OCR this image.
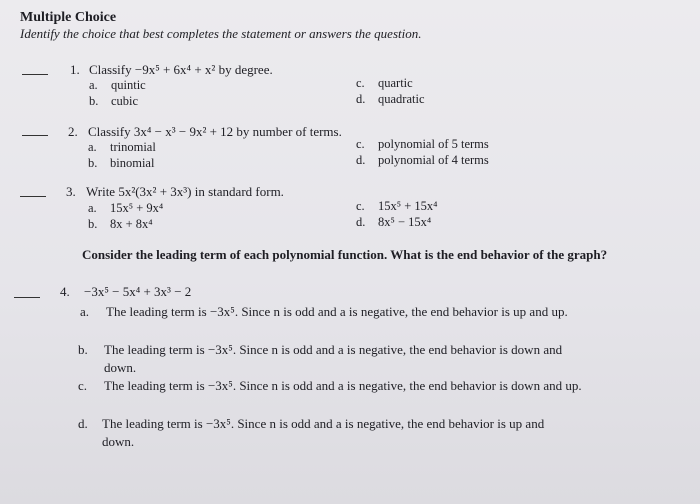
Multiple Choice
Identify the choice that best completes the statement or answers the question.
1. Classify −9x⁵ + 6x⁴ + x² by degree.
a. quintic
b. cubic
c. quartic
d. quadratic
2. Classify 3x⁴ − x³ − 9x² + 12 by number of terms.
a. trinomial
b. binomial
c. polynomial of 5 terms
d. polynomial of 4 terms
3. Write 5x²(3x² + 3x³) in standard form.
a. 15x⁵ + 9x⁴
b. 8x + 8x⁴
c. 15x⁵ + 15x⁴
d. 8x⁵ − 15x⁴
Consider the leading term of each polynomial function. What is the end behavior of the graph?
4. −3x⁵ − 5x⁴ + 3x³ − 2
a. The leading term is −3x⁵. Since n is odd and a is negative, the end behavior is up and up.
b. The leading term is −3x⁵. Since n is odd and a is negative, the end behavior is down and down.
c. The leading term is −3x⁵. Since n is odd and a is negative, the end behavior is down and up.
d. The leading term is −3x⁵. Since n is odd and a is negative, the end behavior is up and down.
